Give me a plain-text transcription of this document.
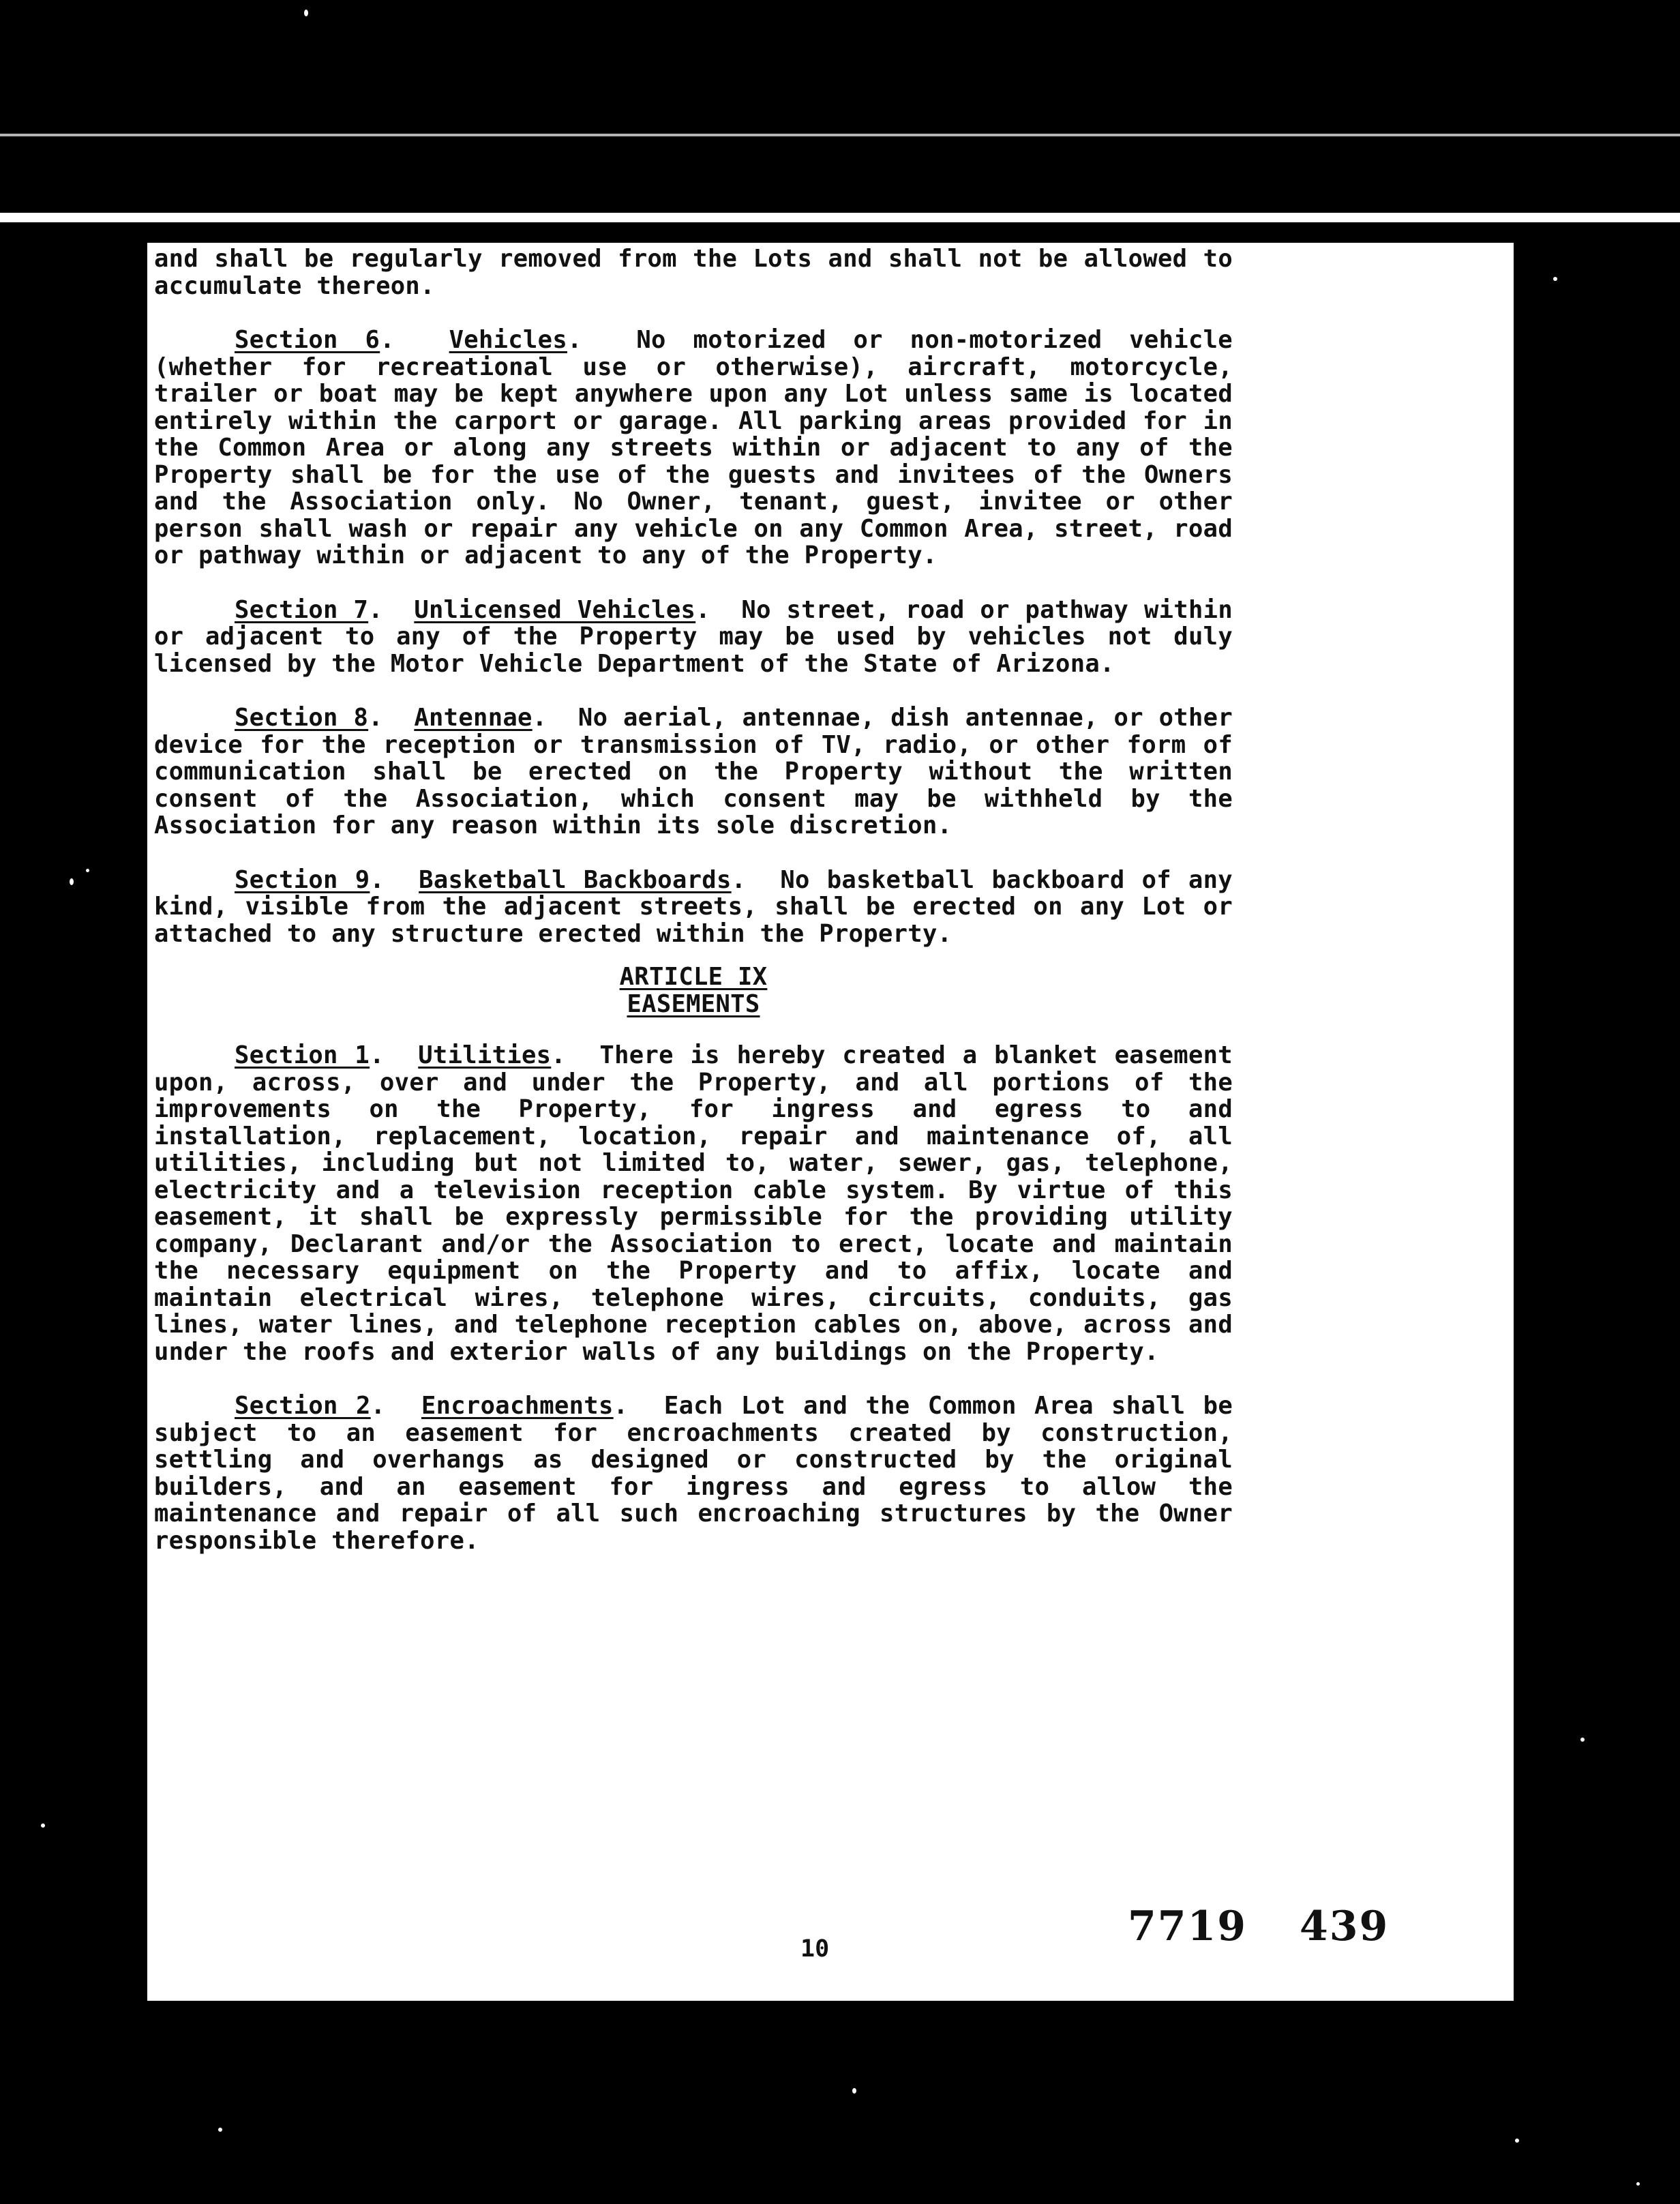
and shall be regularly removed from the Lots and shall not be allowed to accumulate thereon.

Section 6.  Vehicles.  No motorized or non-motorized vehicle (whether for recreational use or otherwise), aircraft, motorcycle, trailer or boat may be kept anywhere upon any Lot unless same is located entirely within the carport or garage. All parking areas provided for in the Common Area or along any streets within or adjacent to any of the Property shall be for the use of the guests and invitees of the Owners and the Association only. No Owner, tenant, guest, invitee or other person shall wash or repair any vehicle on any Common Area, street, road or pathway within or adjacent to any of the Property.

Section 7.  Unlicensed Vehicles.  No street, road or pathway within or adjacent to any of the Property may be used by vehicles not duly licensed by the Motor Vehicle Department of the State of Arizona.

Section 8.  Antennae.  No aerial, antennae, dish antennae, or other device for the reception or transmission of TV, radio, or other form of communication shall be erected on the Property without the written consent of the Association, which consent may be withheld by the Association for any reason within its sole discretion.

Section 9.  Basketball Backboards.  No basketball backboard of any kind, visible from the adjacent streets, shall be erected on any Lot or attached to any structure erected within the Property.

ARTICLE IX

EASEMENTS

Section 1.  Utilities.  There is hereby created a blanket easement upon, across, over and under the Property, and all portions of the improvements on the Property, for ingress and egress to and installation, replacement, location, repair and maintenance of, all utilities, including but not limited to, water, sewer, gas, telephone, electricity and a television reception cable system. By virtue of this easement, it shall be expressly permissible for the providing utility company, Declarant and/or the Association to erect, locate and maintain the necessary equipment on the Property and to affix, locate and maintain electrical wires, telephone wires, circuits, conduits, gas lines, water lines, and telephone reception cables on, above, across and under the roofs and exterior walls of any buildings on the Property.

Section 2.  Encroachments.  Each Lot and the Common Area shall be subject to an easement for encroachments created by construction, settling and overhangs as designed or constructed by the original builders, and an easement for ingress and egress to allow the maintenance and repair of all such encroaching structures by the Owner responsible therefore.

7719 439
10
